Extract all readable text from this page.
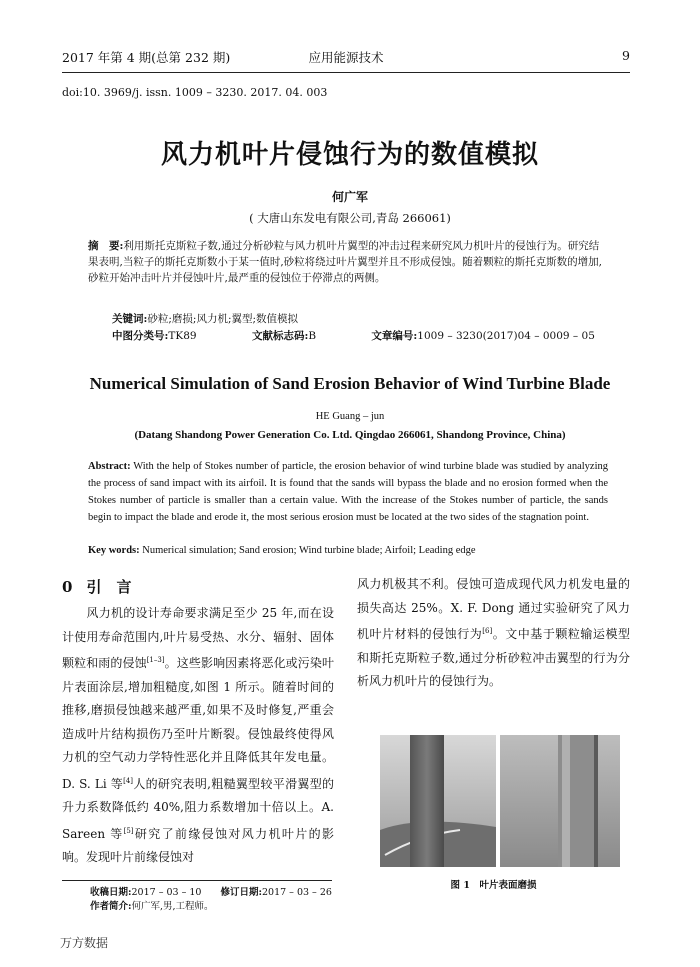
2017 年第 4 期(总第 232 期)	应用能源技术	9
doi:10. 3969/j. issn. 1009 – 3230. 2017. 04. 003
风力机叶片侵蚀行为的数值模拟
何广军
( 大唐山东发电有限公司,青岛 266061)
摘　要:利用斯托克斯粒子数,通过分析砂粒与风力机叶片翼型的冲击过程来研究风力机叶片的侵蚀行为。研究结果表明,当粒子的斯托克斯数小于某一值时,砂粒将绕过叶片翼型并且不形成侵蚀。随着颗粒的斯托克斯数的增加,砂粒开始冲击叶片并侵蚀叶片,最严重的侵蚀位于停滞点的两侧。
关键词:砂粒;磨损;风力机;翼型;数值模拟
中图分类号:TK89	文献标志码:B	文章编号:1009 – 3230(2017)04 – 0009 – 05
Numerical Simulation of Sand Erosion Behavior of Wind Turbine Blade
HE Guang – jun
(Datang Shandong Power Generation Co. Ltd. Qingdao 266061, Shandong Province, China)
Abstract: With the help of Stokes number of particle, the erosion behavior of wind turbine blade was studied by analyzing the process of sand impact with its airfoil. It is found that the sands will bypass the blade and no erosion formed when the Stokes number of particle is smaller than a certain value. With the increase of the Stokes number of particle, the sands begin to impact the blade and erode it, the most serious erosion must be located at the two sides of the stagnation point.
Key words: Numerical simulation; Sand erosion; Wind turbine blade; Airfoil; Leading edge
0 引　言
　　风力机的设计寿命要求满足至少 25 年,而在设计使用寿命范围内,叶片易受热、水分、辐射、固体颗粒和雨的侵蚀[1–3]。这些影响因素将恶化或污染叶片表面涂层,增加粗糙度,如图 1 所示。随着时间的推移,磨损侵蚀越来越严重,如果不及时修复,严重会造成叶片结构损伤乃至叶片断裂。侵蚀最终使得风力机的空气动力学特性恶化并且降低其年发电量。D. S. Li 等[4]人的研究表明,粗糙翼型较平滑翼型的升力系数降低约 40%,阻力系数增加十倍以上。A. Sareen 等[5]研究了前缘侵蚀对风力机叶片的影响。发现叶片前缘侵蚀对
风力机极其不利。侵蚀可造成现代风力机发电量的损失高达 25%。X. F. Dong 通过实验研究了风力机叶片材料的侵蚀行为[6]。文中基于颗粒输运模型和斯托克斯粒子数,通过分析砂粒冲击翼型的行为分析风力机叶片的侵蚀行为。
图 1　叶片表面磨损
收稿日期:2017 – 03 – 10　　 修订日期:2017 – 03 – 26
作者简介:何广军,男,工程师。
万方数据
